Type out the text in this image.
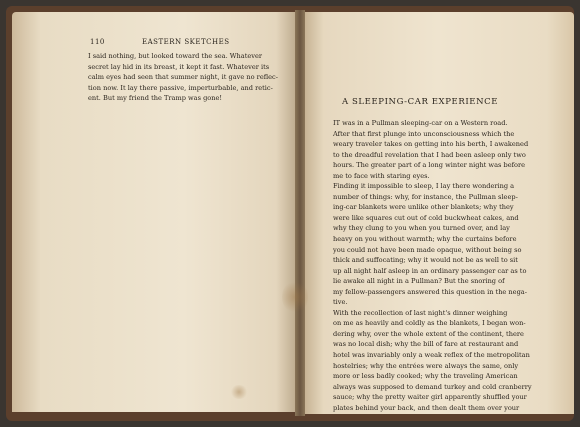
110	EASTERN SKETCHES
I said nothing, but looked toward the sea. Whatever
secret lay hid in its breast, it kept it fast. Whatever its
calm eyes had seen that summer night, it gave no reflec-
tion now. It lay there passive, imperturbable, and retic-
ent. But my friend the Tramp was gone!	A SLEEPING-CAR EXPERIENCE
IT was in a Pullman sleeping-car on a Western road.
After that first plunge into unconsciousness which the
weary traveler takes on getting into his berth, I awakened
to the dreadful revelation that I had been asleep only two
hours. The greater part of a long winter night was before
me to face with staring eyes.
Finding it impossible to sleep, I lay there wondering a
number of things: why, for instance, the Pullman sleep-
ing-car blankets were unlike other blankets; why they
were like squares cut out of cold buckwheat cakes, and
why they clung to you when you turned over, and lay
heavy on you without warmth; why the curtains before
you could not have been made opaque, without being so
thick and suffocating; why it would not be as well to sit
up all night half asleep in an ordinary passenger car as to
lie awake all night in a Pullman? But the snoring of
my fellow-passengers answered this question in the nega-
tive.
With the recollection of last night's dinner weighing
on me as heavily and coldly as the blankets, I began won-
dering why, over the whole extent of the continent, there
was no local dish; why the bill of fare at restaurant and
hotel was invariably only a weak reflex of the metropolitan
hostelries; why the entrées were always the same, only
more or less badly cooked; why the traveling American
always was supposed to demand turkey and cold cranberry
sauce; why the pretty waiter girl apparently shuffled your
plates behind your back, and then dealt them over your
